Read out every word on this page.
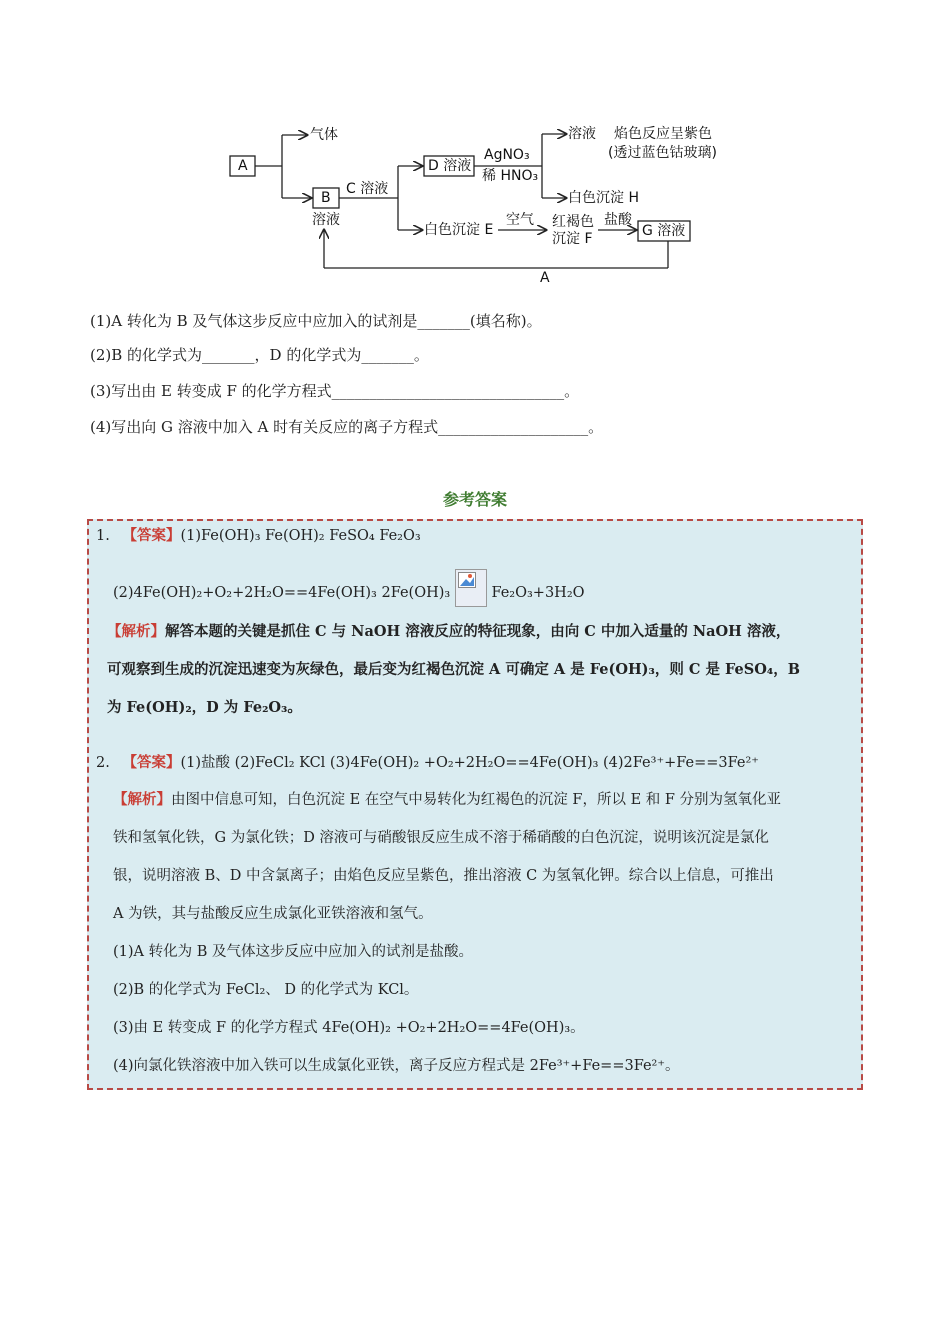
A
气体
B
溶液
C 溶液
D 溶液
AgNO₃
稀 HNO₃
溶液 焰色反应呈紫色
(透过蓝色钴玻璃)
白色沉淀 H
白色沉淀 E
空气 红褐色
沉淀 F
盐酸
G 溶液
A
(1)A 转化为 B 及气体这步反应中应加入的试剂是_______(填名称)。
(2)B 的化学式为_______，D 的化学式为_______。
(3)写出由 E 转变成 F 的化学方程式_______________________________。
(4)写出向 G 溶液中加入 A 时有关反应的离子方程式____________________。
参考答案
1. 【答案】(1)Fe(OH)₃ Fe(OH)₂ FeSO₄ Fe₂O₃
(2)4Fe(OH)₂+O₂+2H₂O==4Fe(OH)₃ 2Fe(OH)₃	Fe₂O₃+3H₂O
【解析】解答本题的关键是抓住 C 与 NaOH 溶液反应的特征现象，由向 C 中加入适量的 NaOH 溶液，
可观察到生成的沉淀迅速变为灰绿色，最后变为红褐色沉淀 A 可确定 A 是 Fe(OH)₃，则 C 是 FeSO₄，B
为 Fe(OH)₂，D 为 Fe₂O₃。
2. 【答案】(1)盐酸 (2)FeCl₂ KCl (3)4Fe(OH)₂ +O₂+2H₂O==4Fe(OH)₃ (4)2Fe³⁺+Fe==3Fe²⁺
【解析】由图中信息可知，白色沉淀 E 在空气中易转化为红褐色的沉淀 F，所以 E 和 F 分别为氢氧化亚
铁和氢氧化铁，G 为氯化铁；D 溶液可与硝酸银反应生成不溶于稀硝酸的白色沉淀，说明该沉淀是氯化
银，说明溶液 B、D 中含氯离子；由焰色反应呈紫色，推出溶液 C 为氢氧化钾。综合以上信息，可推出
A 为铁，其与盐酸反应生成氯化亚铁溶液和氢气。
(1)A 转化为 B 及气体这步反应中应加入的试剂是盐酸。
(2)B 的化学式为 FeCl₂、 D 的化学式为 KCl。
(3)由 E 转变成 F 的化学方程式 4Fe(OH)₂ +O₂+2H₂O==4Fe(OH)₃。
(4)向氯化铁溶液中加入铁可以生成氯化亚铁，离子反应方程式是 2Fe³⁺+Fe==3Fe²⁺。
